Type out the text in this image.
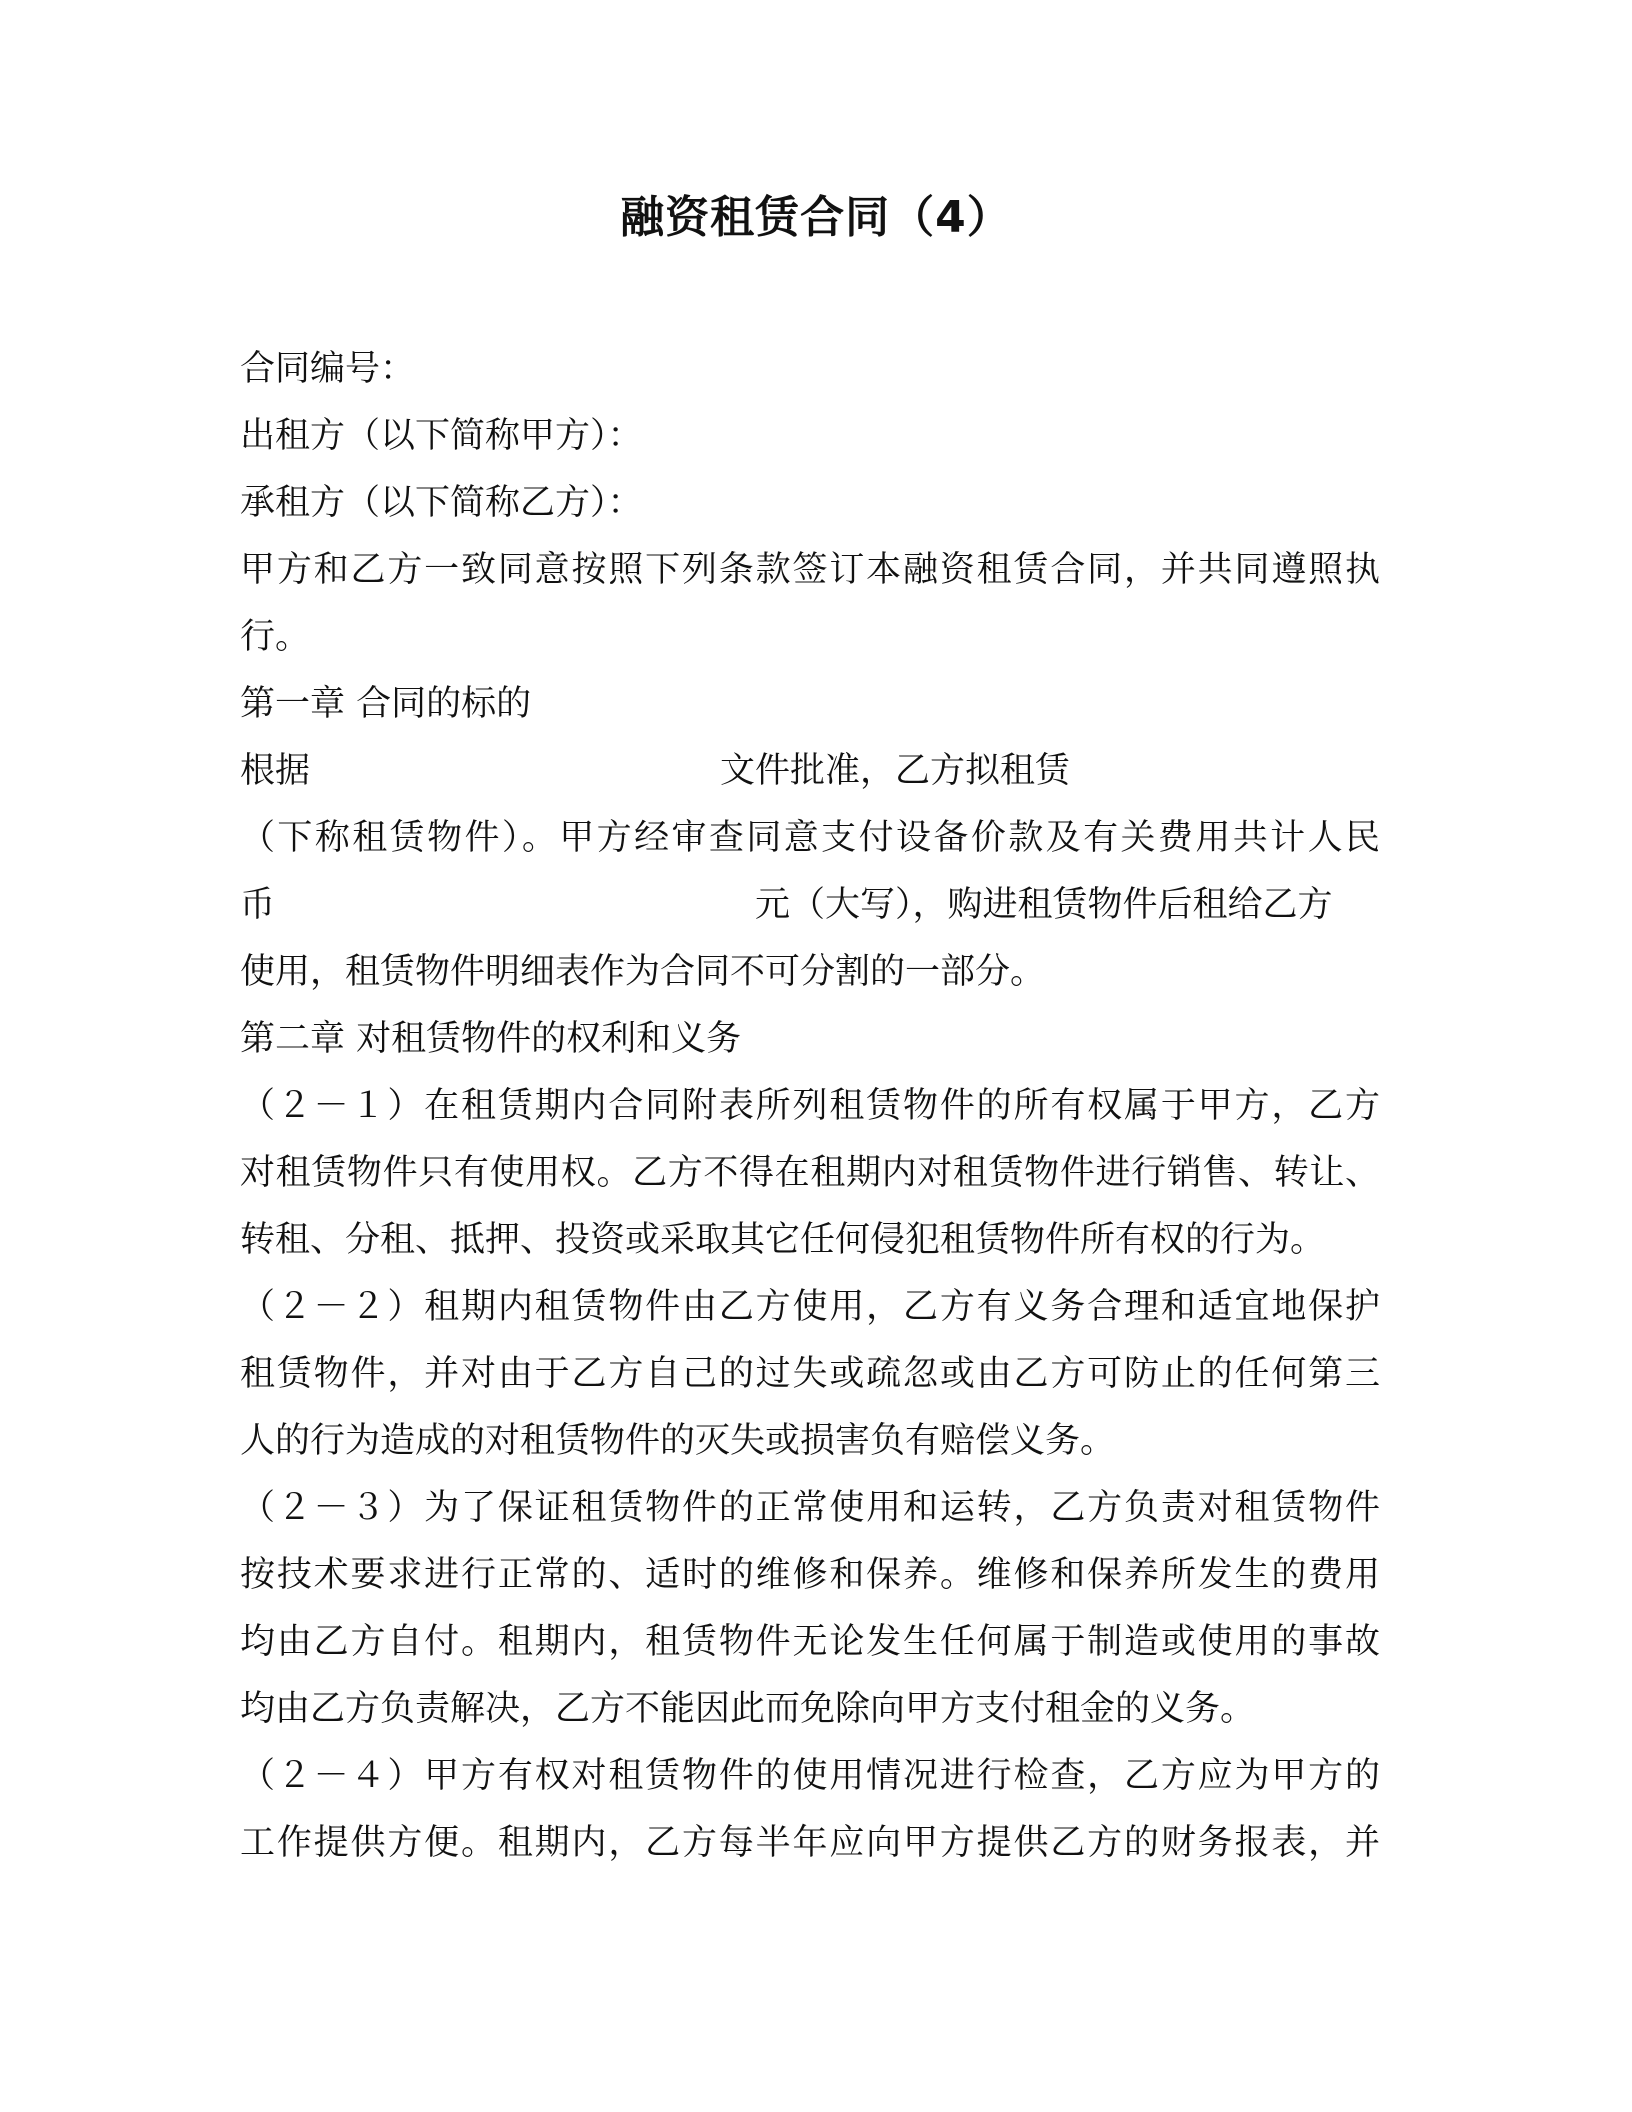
融资租赁合同（4）
合同编号：
出租方（以下简称甲方）：
承租方（以下简称乙方）：
甲方和乙方一致同意按照下列条款签订本融资租赁合同，并共同遵照执
行。
第一章 合同的标的
根据	文件批准，乙方拟租赁
（下称租赁物件）。甲方经审查同意支付设备价款及有关费用共计人民
币	元（大写），购进租赁物件后租给乙方
使用，租赁物件明细表作为合同不可分割的一部分。
第二章 对租赁物件的权利和义务
（２－１）在租赁期内合同附表所列租赁物件的所有权属于甲方，乙方
对租赁物件只有使用权。乙方不得在租期内对租赁物件进行销售、转让、
转租、分租、抵押、投资或采取其它任何侵犯租赁物件所有权的行为。
（２－２）租期内租赁物件由乙方使用，乙方有义务合理和适宜地保护
租赁物件，并对由于乙方自己的过失或疏忽或由乙方可防止的任何第三
人的行为造成的对租赁物件的灭失或损害负有赔偿义务。
（２－３）为了保证租赁物件的正常使用和运转，乙方负责对租赁物件
按技术要求进行正常的、适时的维修和保养。维修和保养所发生的费用
均由乙方自付。租期内，租赁物件无论发生任何属于制造或使用的事故
均由乙方负责解决，乙方不能因此而免除向甲方支付租金的义务。
（２－４）甲方有权对租赁物件的使用情况进行检查，乙方应为甲方的
工作提供方便。租期内，乙方每半年应向甲方提供乙方的财务报表，并
